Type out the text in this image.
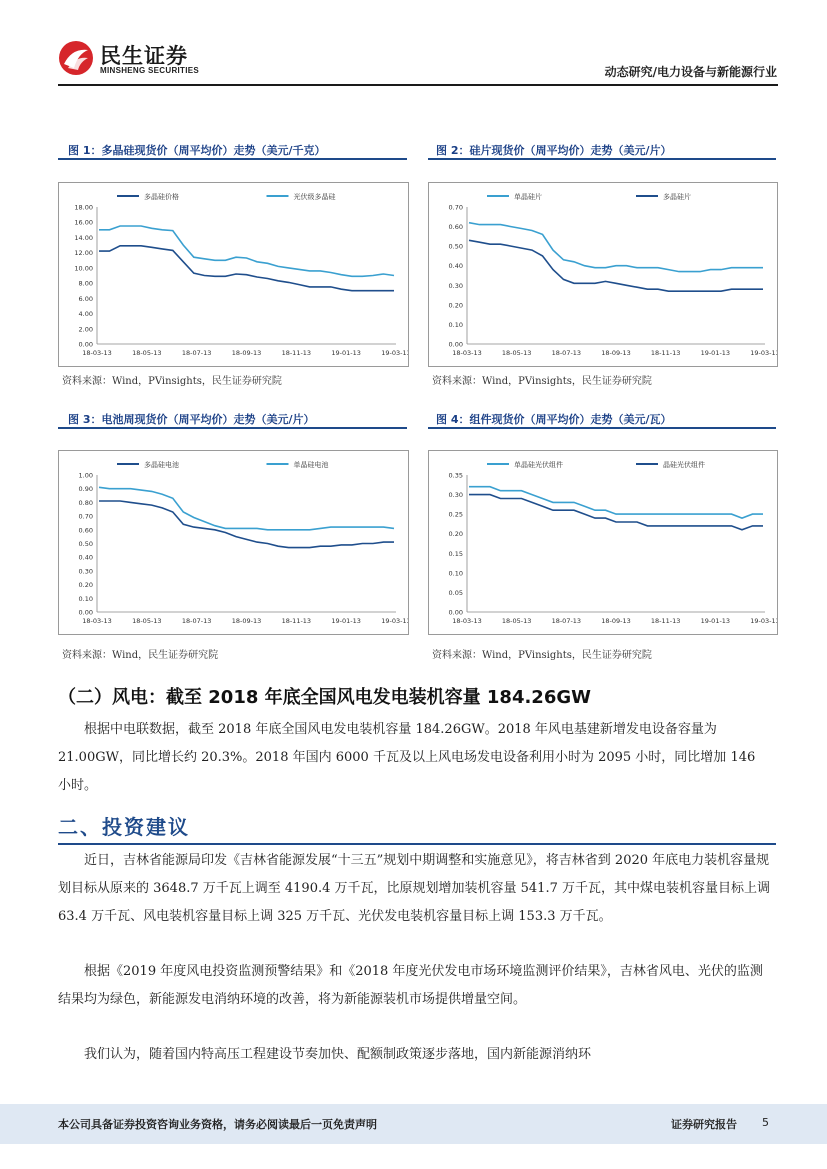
民生证券
MINSHENG SECURITIES	动态研究/电力设备与新能源行业
图 1：多晶硅现货价（周平均价）走势（美元/千克）
0.00
2.00
4.00
6.00
8.00
10.00
12.00
14.00
16.00
18.00
18-03-13	18-05-13	18-07-13	18-09-13	18-11-13	19-01-13	19-03-13
多晶硅价格	光伏级多晶硅
资料来源：Wind，PVinsights，民生证券研究院
图 2：硅片现货价（周平均价）走势（美元/片）
0.00
0.10
0.20
0.30
0.40
0.50
0.60
0.70
18-03-13	18-05-13	18-07-13	18-09-13	18-11-13	19-01-13	19-03-13
单晶硅片	多晶硅片
资料来源：Wind，PVinsights，民生证券研究院
图 3：电池周现货价（周平均价）走势（美元/片）
0.00
0.10
0.20
0.30
0.40
0.50
0.60
0.70
0.80
0.90
1.00
18-03-13	18-05-13	18-07-13	18-09-13	18-11-13	19-01-13	19-03-13
多晶硅电池	单晶硅电池
资料来源：Wind，民生证券研究院
图 4：组件现货价（周平均价）走势（美元/瓦）
0.00
0.05
0.10
0.15
0.20
0.25
0.30
0.35
18-03-13	18-05-13	18-07-13	18-09-13	18-11-13	19-01-13	19-03-13
单晶硅光伏组件	晶硅光伏组件
资料来源：Wind，PVinsights，民生证券研究院
（二）风电：截至 2018 年底全国风电发电装机容量 184.26GW
根据中电联数据，截至 2018 年底全国风电发电装机容量 184.26GW。2018 年风电基建新增发电设备容量为 21.00GW，同比增长约 20.3%。2018 年国内 6000 千瓦及以上风电场发电设备利用小时为 2095 小时，同比增加 146 小时。
二、投资建议
近日，吉林省能源局印发《吉林省能源发展“十三五”规划中期调整和实施意见》，将吉林省到 2020 年底电力装机容量规划目标从原来的 3648.7 万千瓦上调至 4190.4 万千瓦，比原规划增加装机容量 541.7 万千瓦，其中煤电装机容量目标上调 63.4 万千瓦、风电装机容量目标上调 325 万千瓦、光伏发电装机容量目标上调 153.3 万千瓦。
根据《2019 年度风电投资监测预警结果》和《2018 年度光伏发电市场环境监测评价结果》，吉林省风电、光伏的监测结果均为绿色，新能源发电消纳环境的改善，将为新能源装机市场提供增量空间。
我们认为，随着国内特高压工程建设节奏加快、配额制政策逐步落地，国内新能源消纳环
本公司具备证券投资咨询业务资格，请务必阅读最后一页免责声明	证券研究报告 5
